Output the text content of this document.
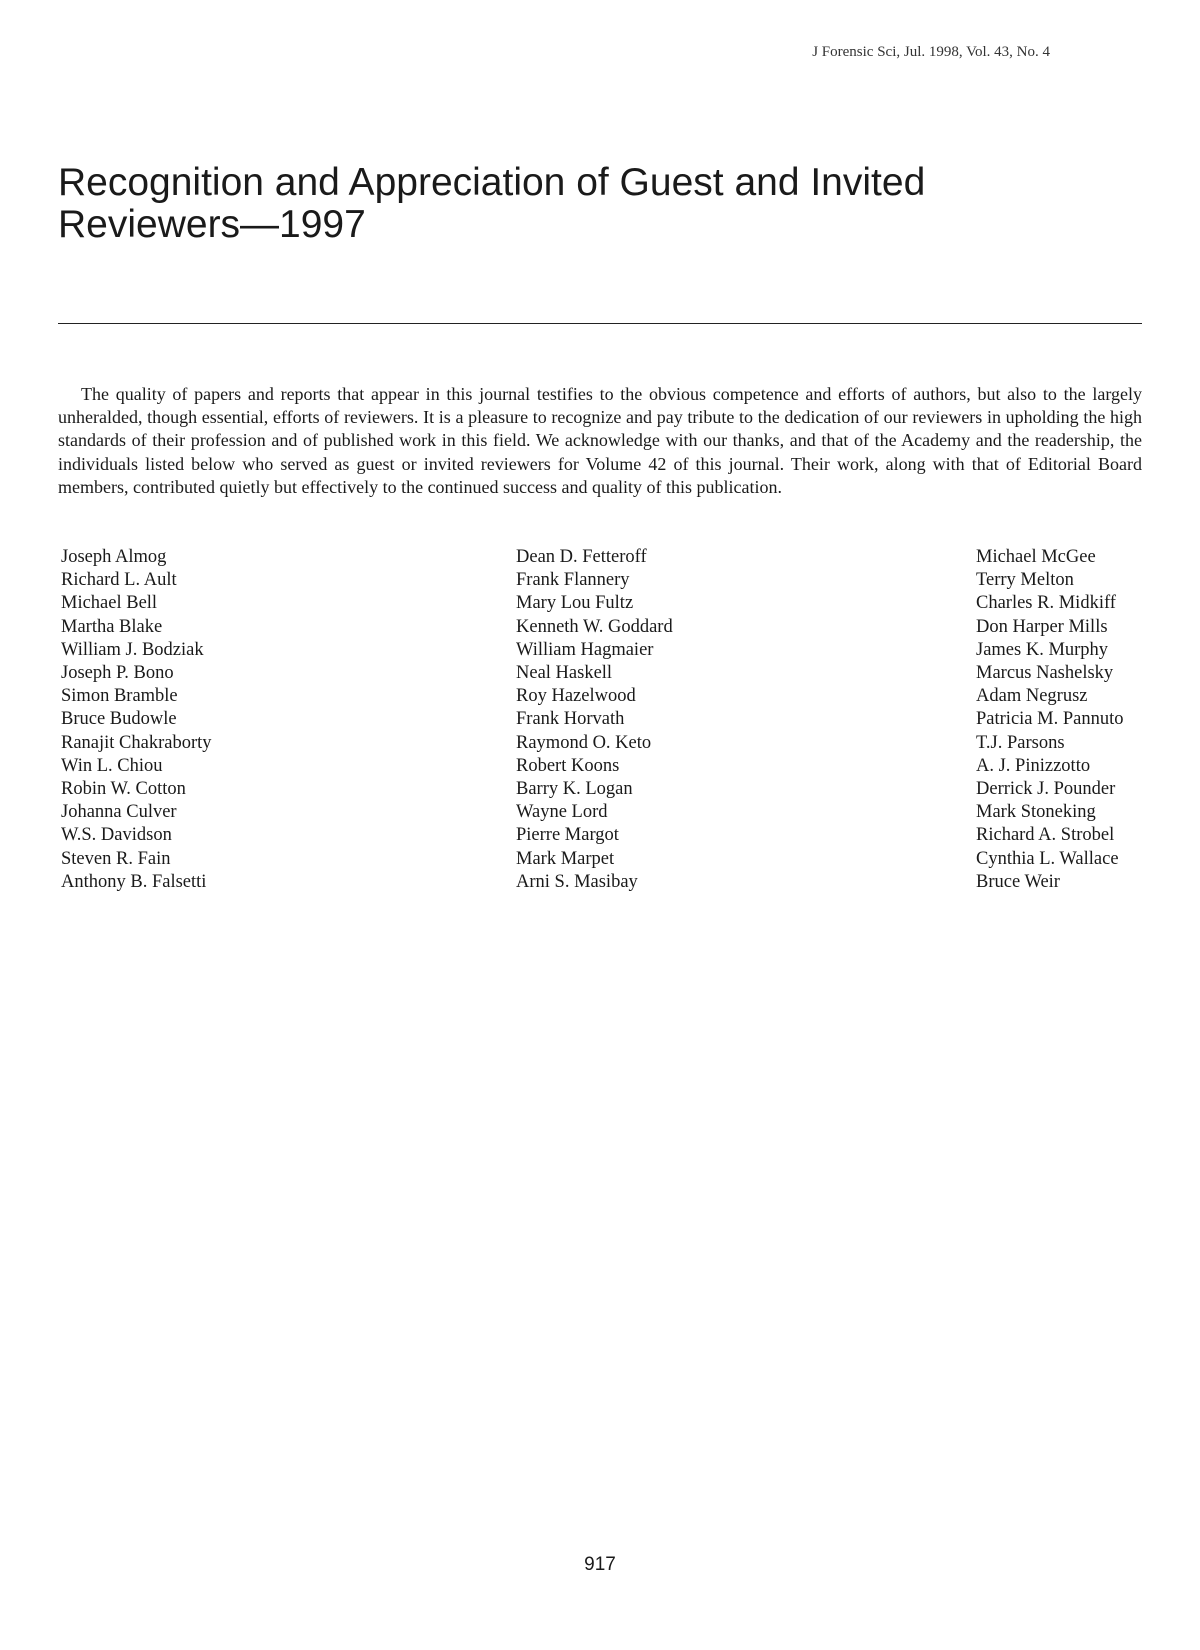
J Forensic Sci, Jul. 1998, Vol. 43, No. 4
Recognition and Appreciation of Guest and Invited
Reviewers—1997

The quality of papers and reports that appear in this journal testifies to the obvious competence and efforts of authors, but also to the largely unheralded, though essential, efforts of reviewers. It is a pleasure to recognize and pay tribute to the dedication of our reviewers in upholding the high standards of their profession and of published work in this field. We acknowledge with our thanks, and that of the Academy and the readership, the individuals listed below who served as guest or invited reviewers for Volume 42 of this journal. Their work, along with that of Editorial Board members, contributed quietly but effectively to the continued success and quality of this publication.

Joseph Almog
Richard L. Ault
Michael Bell
Martha Blake
William J. Bodziak
Joseph P. Bono
Simon Bramble
Bruce Budowle
Ranajit Chakraborty
Win L. Chiou
Robin W. Cotton
Johanna Culver
W.S. Davidson
Steven R. Fain
Anthony B. Falsetti
Dean D. Fetteroff
Frank Flannery
Mary Lou Fultz
Kenneth W. Goddard
William Hagmaier
Neal Haskell
Roy Hazelwood
Frank Horvath
Raymond O. Keto
Robert Koons
Barry K. Logan
Wayne Lord
Pierre Margot
Mark Marpet
Arni S. Masibay
Michael McGee
Terry Melton
Charles R. Midkiff
Don Harper Mills
James K. Murphy
Marcus Nashelsky
Adam Negrusz
Patricia M. Pannuto
T.J. Parsons
A. J. Pinizzotto
Derrick J. Pounder
Mark Stoneking
Richard A. Strobel
Cynthia L. Wallace
Bruce Weir
917
